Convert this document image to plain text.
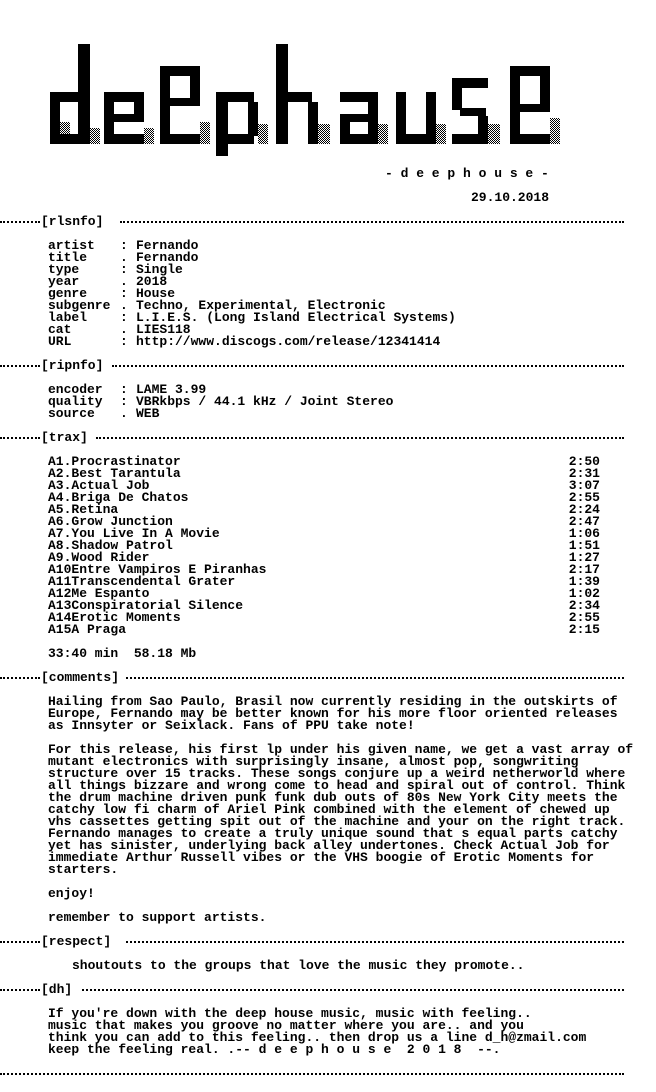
- d e e p h o u s e -
29.10.2018
[rlsnfo]
artist : Fernando
title	. Fernando
type	: Single
year	. 2018
genre	: House
subgenre . Techno, Experimental, Electronic
label	: L.I.E.S. (Long Island Electrical Systems)
cat	. LIES118
URL	: http://www.discogs.com/release/12341414
[ripnfo]
encoder : LAME 3.99
quality : VBRkbps / 44.1 kHz / Joint Stereo
source . WEB
[trax]
A1.Procrastinator	2:50
A2.Best Tarantula	2:31
A3.Actual Job	3:07
A4.Briga De Chatos	2:55
A5.Retina	2:24
A6.Grow Junction	2:47
A7.You Live In A Movie	1:06
A8.Shadow Patrol	1:51
A9.Wood Rider	1:27
A10Entre Vampiros E Piranhas	2:17
A11Transcendental Grater	1:39
A12Me Espanto	1:02
A13Conspiratorial Silence	2:34
A14Erotic Moments	2:55
A15A Praga	2:15
33:40 min  58.18 Mb
[comments]
Hailing from Sao Paulo, Brasil now currently residing in the outskirts of
Europe, Fernando may be better known for his more floor oriented releases
as Innsyter or Seixlack. Fans of PPU take note!
For this release, his first lp under his given name, we get a vast array of
mutant electronics with surprisingly insane, almost pop, songwriting
structure over 15 tracks. These songs conjure up a weird netherworld where
all things bizzare and wrong come to head and spiral out of control. Think
the drum machine driven punk funk dub outs of 80s New York City meets the
catchy low fi charm of Ariel Pink combined with the element of chewed up
vhs cassettes getting spit out of the machine and your on the right track.
Fernando manages to create a truly unique sound that s equal parts catchy
yet has sinister, underlying back alley undertones. Check Actual Job for
immediate Arthur Russell vibes or the VHS boogie of Erotic Moments for
starters.
enjoy!
remember to support artists.
[respect]
shoutouts to the groups that love the music they promote..
[dh]
If you're down with the deep house music, music with feeling..
music that makes you groove no matter where you are.. and you
think you can add to this feeling.. then drop us a line d_h@zmail.com
keep the feeling real. .-- d e e p h o u s e  2 0 1 8  --.
